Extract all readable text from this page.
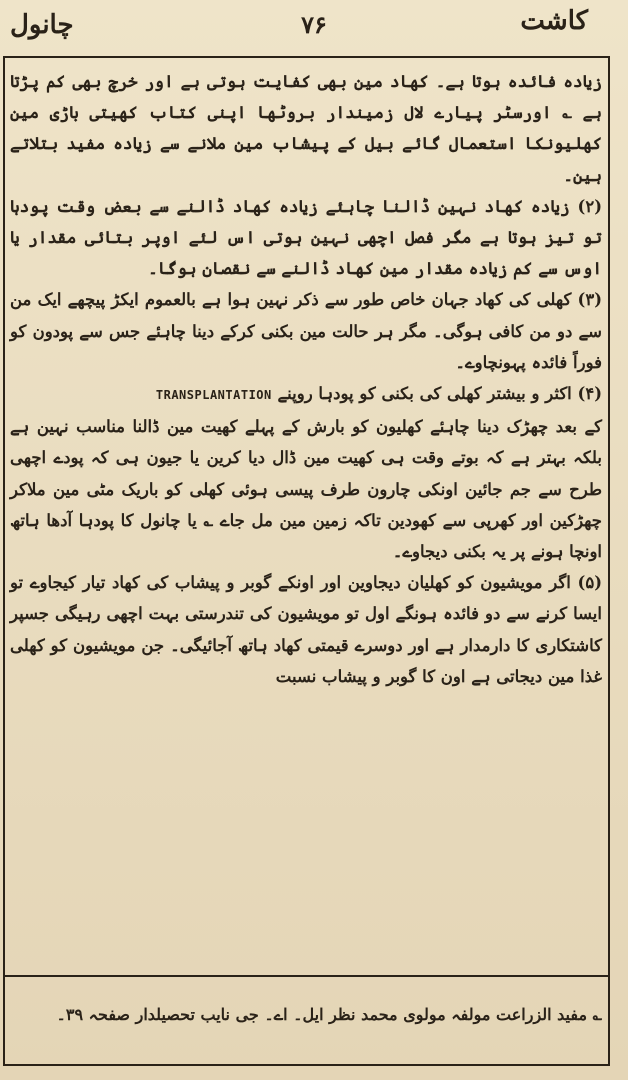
کاشت
۷۶
چانول

زیادہ فائدہ ہوتا ہے۔ کھاد مین بھی کفایت ہوتی ہے اور خرچ بھی کم پڑتا ہے ؎ اورسٹر پیارے لال زمیندار بروٹھا اپنی کتاب کھیتی باڑی مین کھلیونکا استعمال گائے بیل کے پیشاب مین ملانے سے زیادہ مفید بتلاتے ہین۔

(۲) زیادہ کھاد نہین ڈالنا چاہئے زیادہ کھاد ڈالنے سے بعض وقت پودہا تو تیز ہوتا ہے مگر فصل اچھی نہین ہوتی اس لئے اوپر بتائی مقدار یا اوس سے کم زیادہ مقدار مین کھاد ڈالنے سے نقصان ہوگا۔

(۳) کھلی کی کھاد جہان خاص طور سے ذکر نہین ہوا ہے بالعموم ایکڑ پیچھے ایک من سے دو من کافی ہوگی۔ مگر ہر حالت مین بکنی کرکے دینا چاہئے جس سے پودون کو فوراً فائدہ پہونچاوے۔

(۴) اکثر و بیشتر کھلی کی بکنی کو پودہا روپنے TRANSPLANTATION

کے بعد چھڑک دینا چاہئے کھلیون کو بارش کے پہلے کھیت مین ڈالنا مناسب نہین ہے بلکہ بہتر ہے کہ بوتے وقت ہی کھیت مین ڈال دیا کرین یا جیون ہی کہ پودے اچھی طرح سے جم جائین اونکی چارون طرف پیسی ہوئی کھلی کو باریک مٹی مین ملاکر چھڑکین اور کھرپی سے کھودین تاکہ زمین مین مل جاے ؎ یا چانول کا پودہا آدھا ہاتھ اونچا ہونے پر یہ بکنی دیجاوے۔

(۵) اگر مویشیون کو کھلیان دیجاوین اور اونکے گوبر و پیشاب کی کھاد تیار کیجاوے تو ایسا کرنے سے دو فائدہ ہونگے اول تو مویشیون کی تندرستی بہت اچھی رہیگی جسپر کاشتکاری کا دارمدار ہے اور دوسرے قیمتی کھاد ہاتھ آجائیگی۔ جن مویشیون کو کھلی غذا مین دیجاتی ہے اون کا گوبر و پیشاب نسبت

؎ مفید الزراعت مولفہ مولوی محمد نظر ایل۔ اے۔ جی نایب تحصیلدار صفحہ ۳۹۔
